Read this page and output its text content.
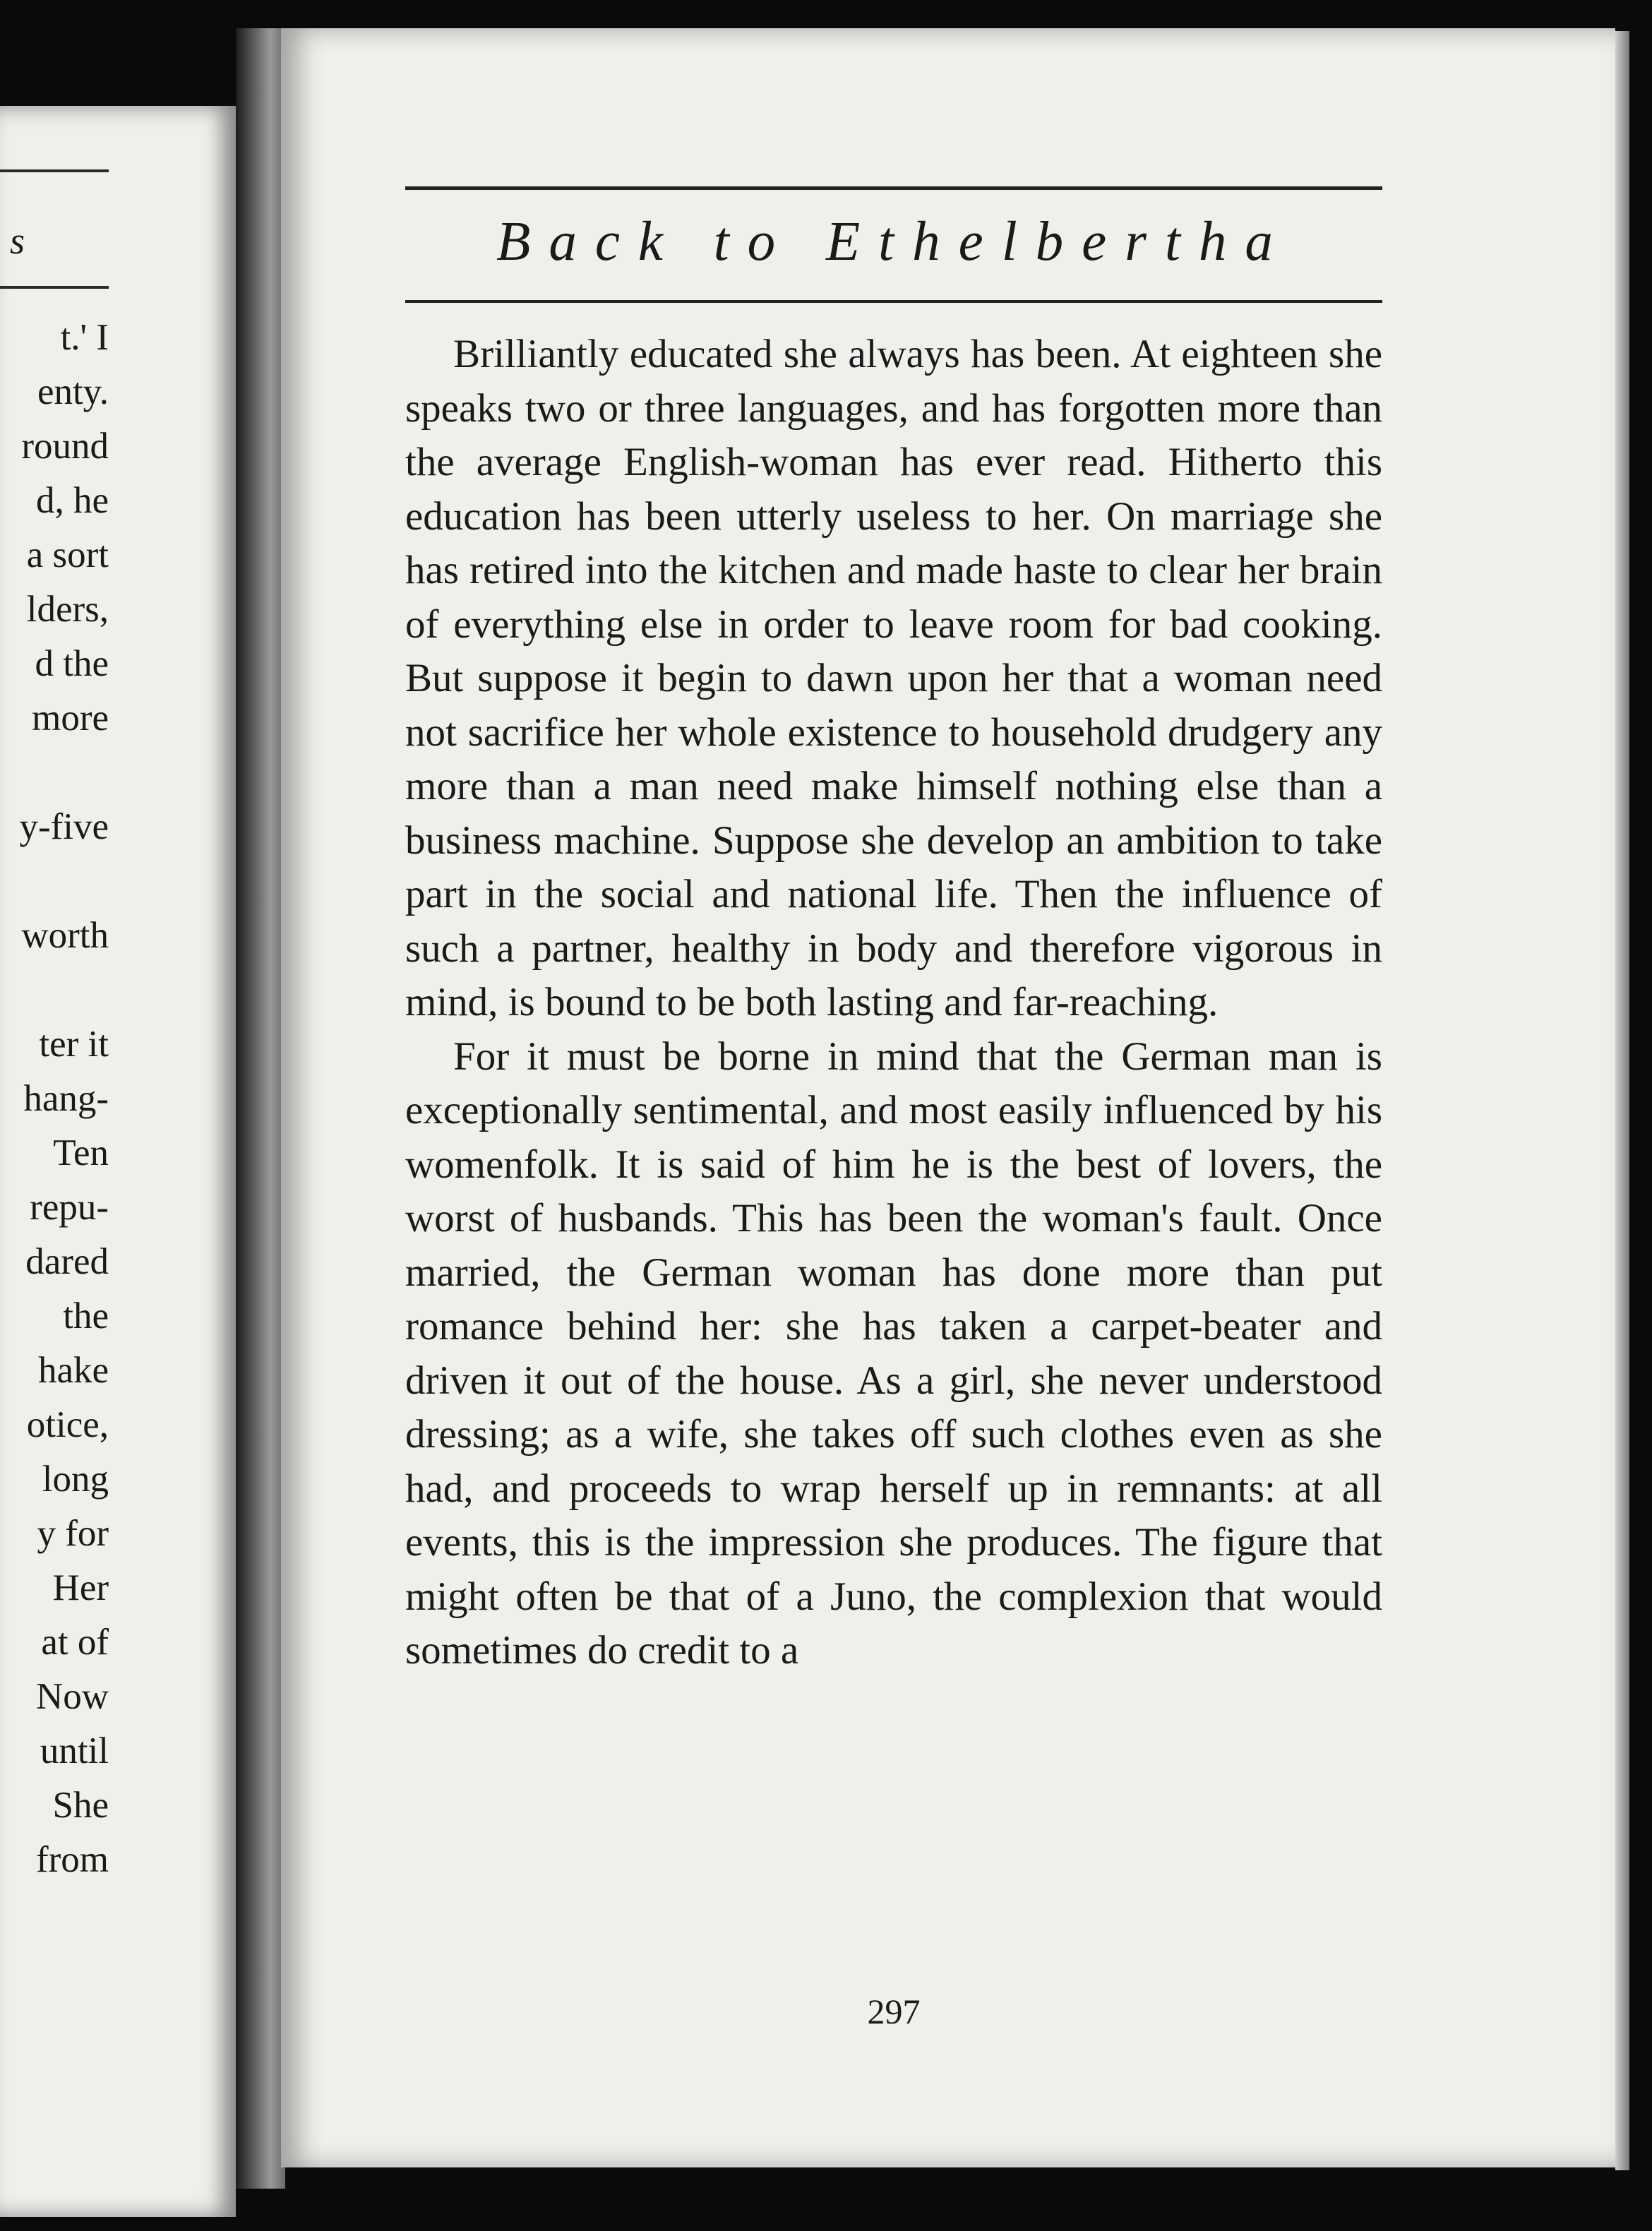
s
t.' I
enty.
round
d, he
a sort
lders,
d the
more
y-five
worth
ter it
hang-
Ten
repu-
dared
the
hake
otice,
long
y for
Her
at of
Now
until
She
from
Back to Ethelbertha

Brilliantly educated she always has been. At eighteen she speaks two or three languages, and has forgotten more than the average English-woman has ever read. Hitherto this education has been utterly useless to her. On marriage she has retired into the kitchen and made haste to clear her brain of everything else in order to leave room for bad cooking. But suppose it begin to dawn upon her that a woman need not sacrifice her whole existence to household drudgery any more than a man need make himself nothing else than a business machine. Suppose she develop an ambition to take part in the social and national life. Then the influence of such a partner, healthy in body and therefore vigorous in mind, is bound to be both lasting and far-reaching.

For it must be borne in mind that the German man is exceptionally sentimental, and most easily influenced by his womenfolk. It is said of him he is the best of lovers, the worst of husbands. This has been the woman's fault. Once married, the German woman has done more than put romance behind her: she has taken a carpet-beater and driven it out of the house. As a girl, she never understood dressing; as a wife, she takes off such clothes even as she had, and proceeds to wrap herself up in remnants: at all events, this is the impression she produces. The figure that might often be that of a Juno, the complexion that would sometimes do credit to a

297
